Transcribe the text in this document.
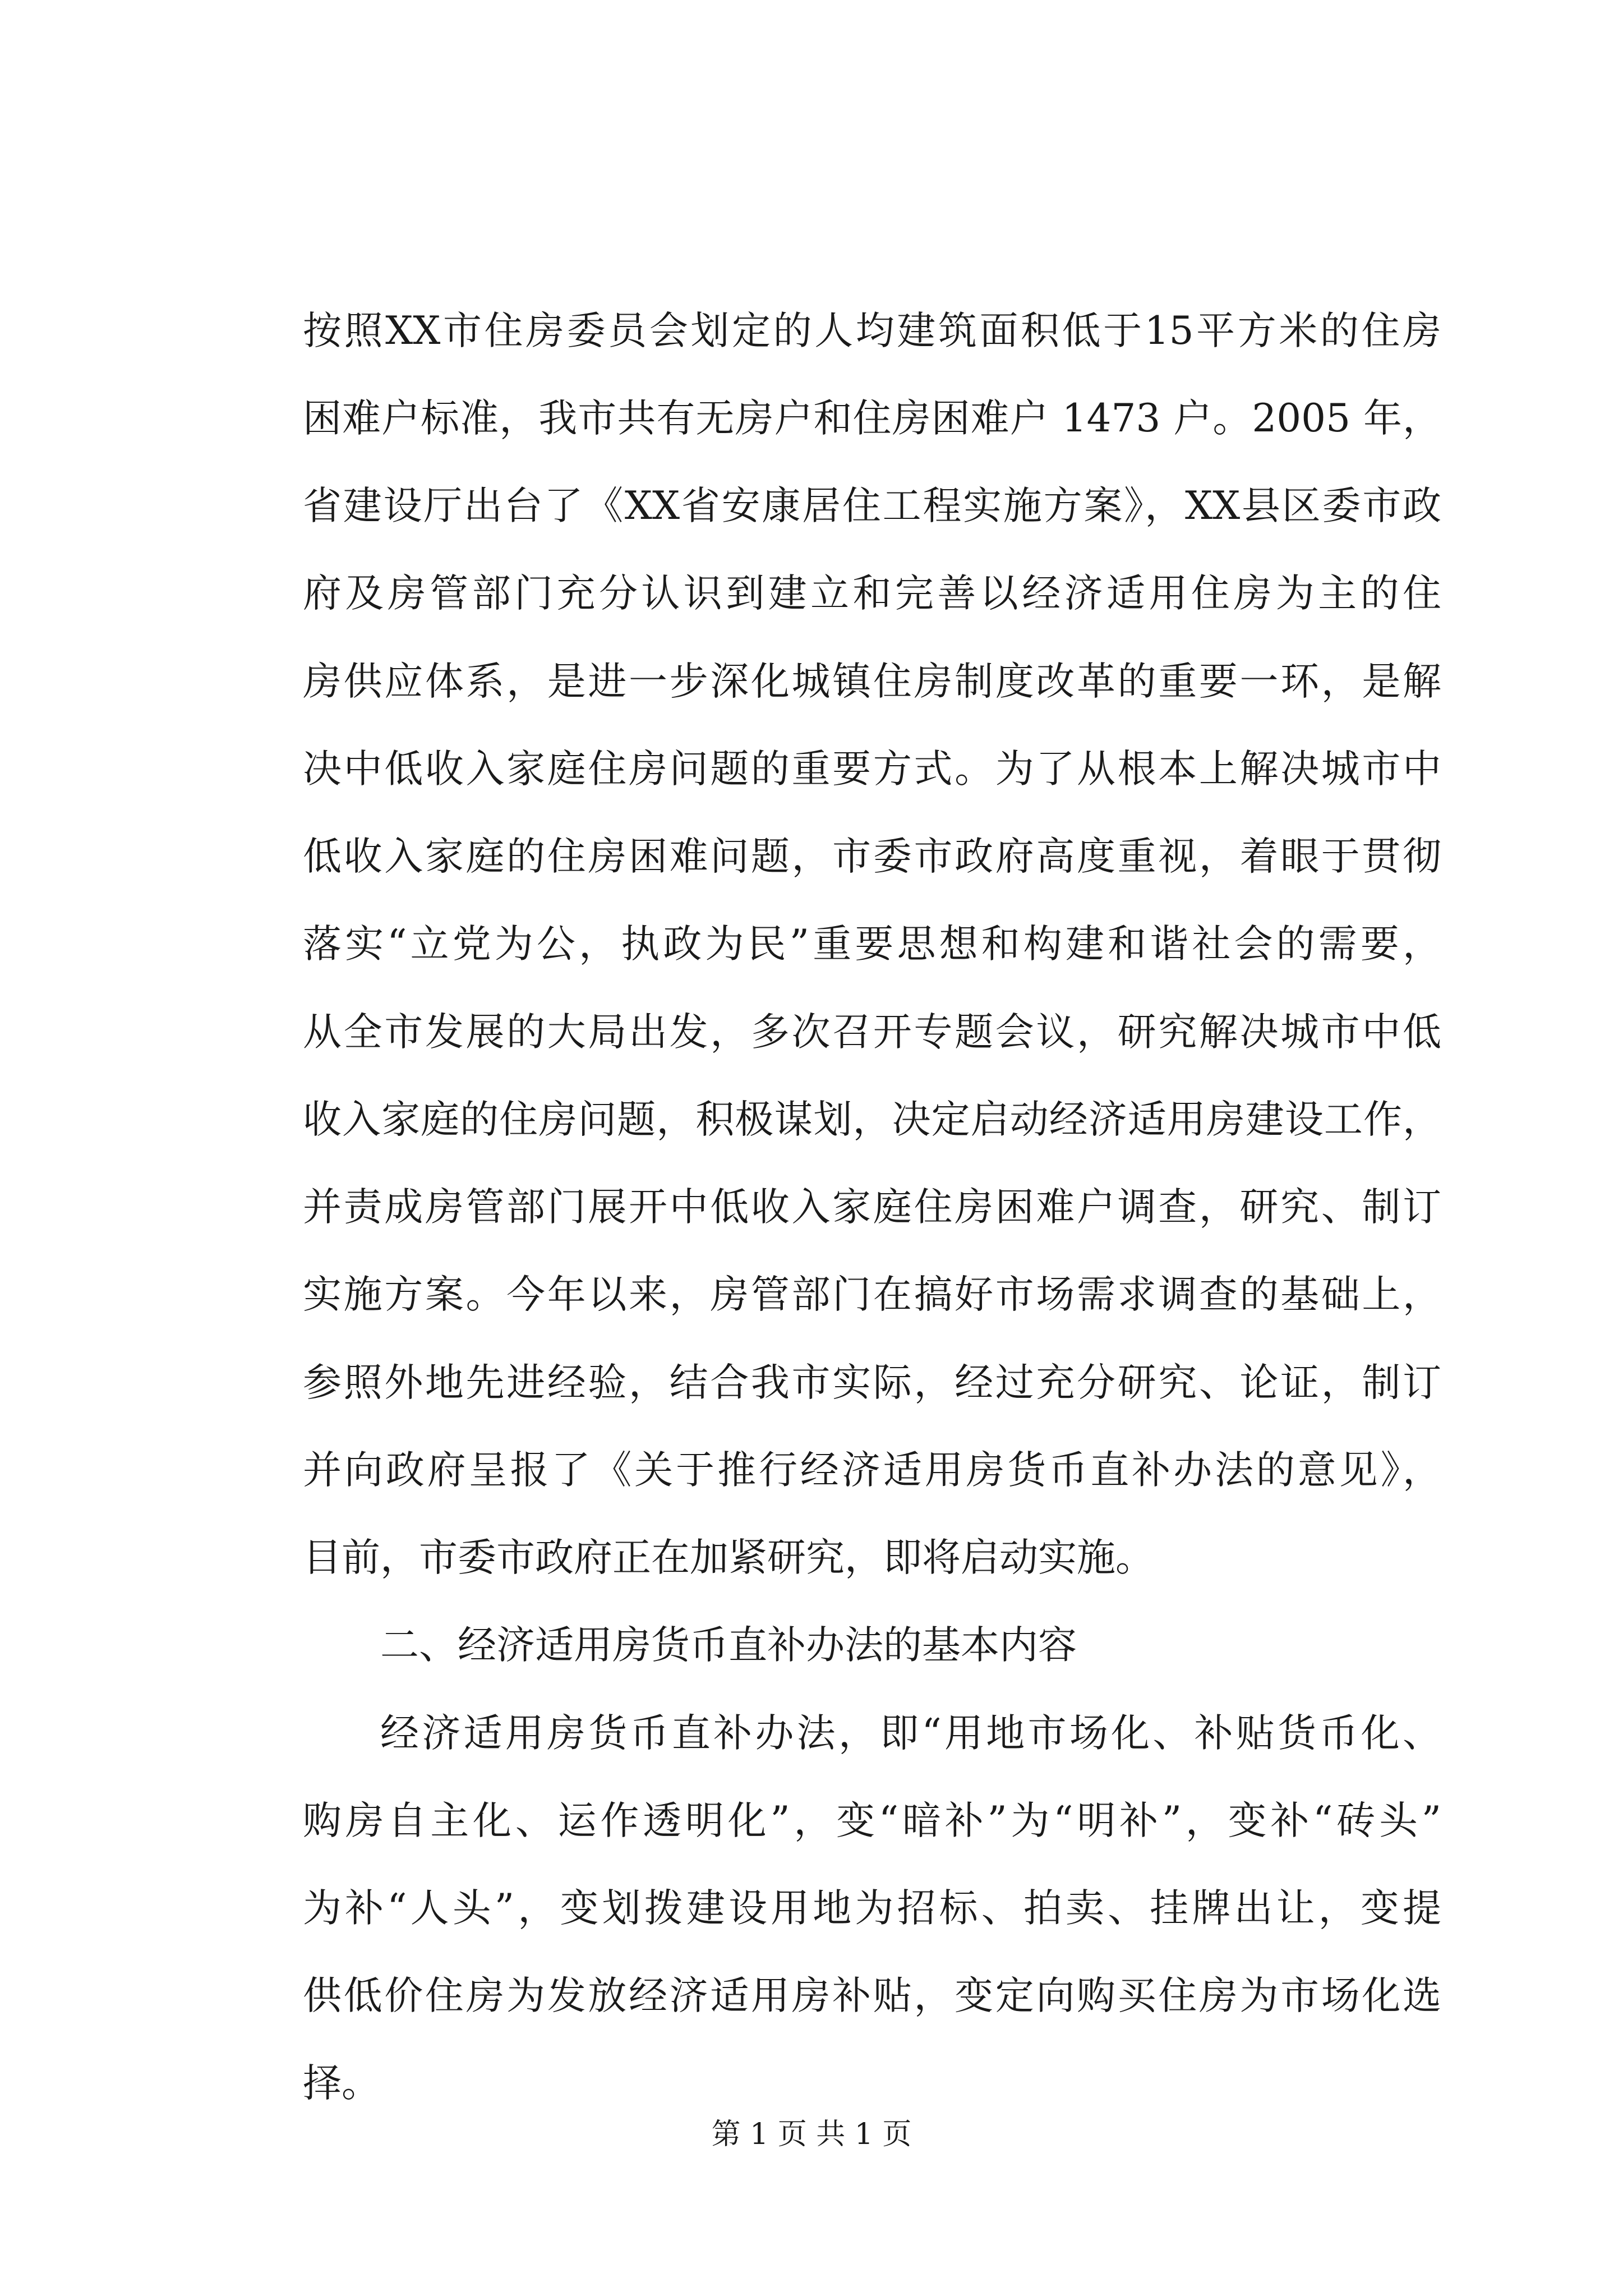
按照XX市住房委员会划定的人均建筑面积低于15平方米的住房
困难户标准，我市共有无房户和住房困难户 1473 户。2005 年，
省建设厅出台了《XX省安康居住工程实施方案》，XX县区委市政
府及房管部门充分认识到建立和完善以经济适用住房为主的住
房供应体系，是进一步深化城镇住房制度改革的重要一环，是解
决中低收入家庭住房问题的重要方式。为了从根本上解决城市中
低收入家庭的住房困难问题，市委市政府高度重视，着眼于贯彻
落实“立党为公，执政为民”重要思想和构建和谐社会的需要，
从全市发展的大局出发，多次召开专题会议，研究解决城市中低
收入家庭的住房问题，积极谋划，决定启动经济适用房建设工作，
并责成房管部门展开中低收入家庭住房困难户调查，研究、制订
实施方案。今年以来，房管部门在搞好市场需求调查的基础上，
参照外地先进经验，结合我市实际，经过充分研究、论证，制订
并向政府呈报了《关于推行经济适用房货币直补办法的意见》，
目前，市委市政府正在加紧研究，即将启动实施。
二、经济适用房货币直补办法的基本内容
经济适用房货币直补办法，即“用地市场化、补贴货币化、
购房自主化、运作透明化”，变“暗补”为“明补”，变补“砖头”
为补“人头”，变划拨建设用地为招标、拍卖、挂牌出让，变提
供低价住房为发放经济适用房补贴，变定向购买住房为市场化选
择。
第 1 页 共 1 页
